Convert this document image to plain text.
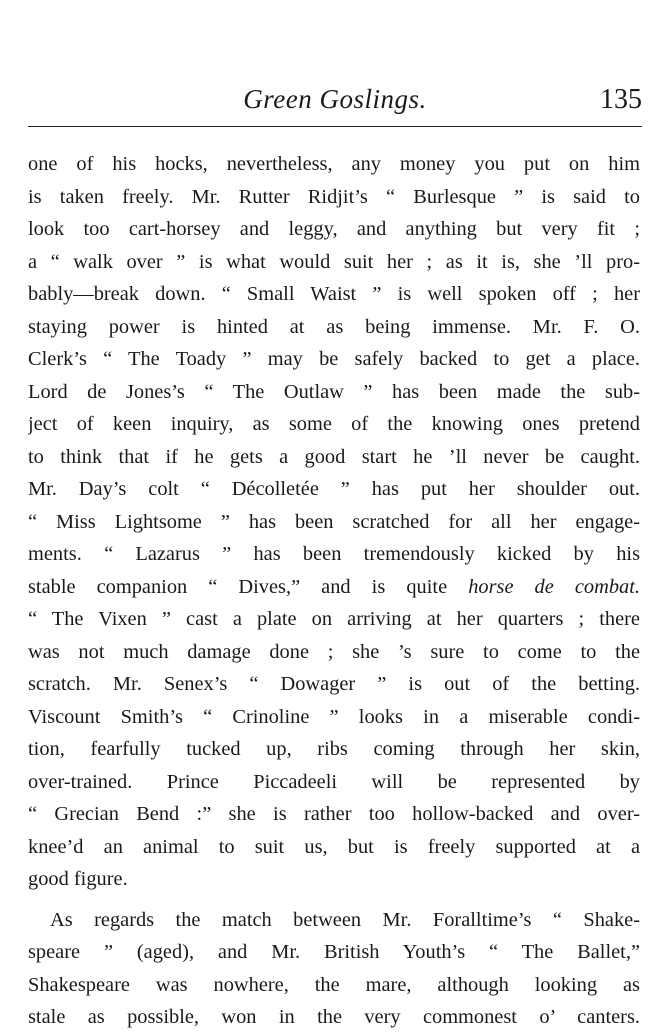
Green Goslings.	135
one of his hocks, nevertheless, any money you put on him
is taken freely. Mr. Rutter Ridjit’s “ Burlesque ” is said to
look too cart-horsey and leggy, and anything but very fit ;
a “ walk over ” is what would suit her ; as it is, she ’ll pro-
bably—break down. “ Small Waist ” is well spoken off ; her
staying power is hinted at as being immense. Mr. F. O.
Clerk’s “ The Toady ” may be safely backed to get a place.
Lord de Jones’s “ The Outlaw ” has been made the sub-
ject of keen inquiry, as some of the knowing ones pretend
to think that if he gets a good start he ’ll never be caught.
Mr. Day’s colt “ Décolletée ” has put her shoulder out.
“ Miss Lightsome ” has been scratched for all her engage-
ments. “ Lazarus ” has been tremendously kicked by his
stable companion “ Dives,” and is quite horse de combat.
“ The Vixen ” cast a plate on arriving at her quarters ; there
was not much damage done ; she ’s sure to come to the
scratch. Mr. Senex’s “ Dowager ” is out of the betting.
Viscount Smith’s “ Crinoline ” looks in a miserable condi-
tion, fearfully tucked up, ribs coming through her skin,
over-trained. Prince Piccadeeli will be represented by
“ Grecian Bend :” she is rather too hollow-backed and over-
knee’d an animal to suit us, but is freely supported at a
good figure.
As regards the match between Mr. Foralltime’s “ Shake-
speare ” (aged), and Mr. British Youth’s “ The Ballet,”
Shakespeare was nowhere, the mare, although looking as
stale as possible, won in the very commonest o’ canters.
